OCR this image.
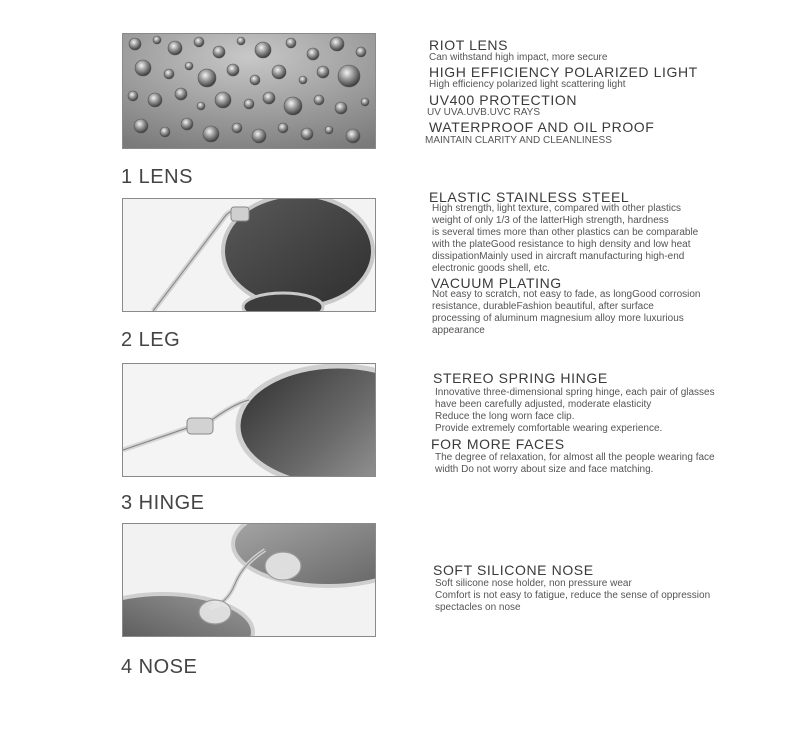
1 LENS
RIOT LENS
Can withstand high impact, more secure
HIGH EFFICIENCY POLARIZED LIGHT
High efficiency polarized light scattering light
UV400 PROTECTION
UV UVA.UVB.UVC RAYS
WATERPROOF AND OIL PROOF
MAINTAIN CLARITY AND CLEANLINESS
2 LEG
ELASTIC STAINLESS STEEL
High strength, light texture, compared with other plastics
weight of only 1/3 of the latterHigh strength, hardness
is several times more than other plastics can be comparable
with the plateGood resistance to high density and low heat
dissipationMainly used in aircraft manufacturing high-end
electronic goods shell, etc.
VACUUM PLATING
Not easy to scratch, not easy to fade, as longGood corrosion
resistance, durableFashion beautiful, after surface
processing of aluminum magnesium alloy more luxurious
appearance
3 HINGE
STEREO SPRING HINGE
Innovative three-dimensional spring hinge, each pair of glasses
have been carefully adjusted, moderate elasticity
Reduce the long worn face clip.
Provide extremely comfortable wearing experience.
FOR MORE FACES
The degree of relaxation, for almost all the people wearing face
width Do not worry about size and face matching.
4 NOSE
SOFT SILICONE NOSE
Soft silicone nose holder, non pressure wear
Comfort is not easy to fatigue, reduce the sense of oppression
spectacles on nose
